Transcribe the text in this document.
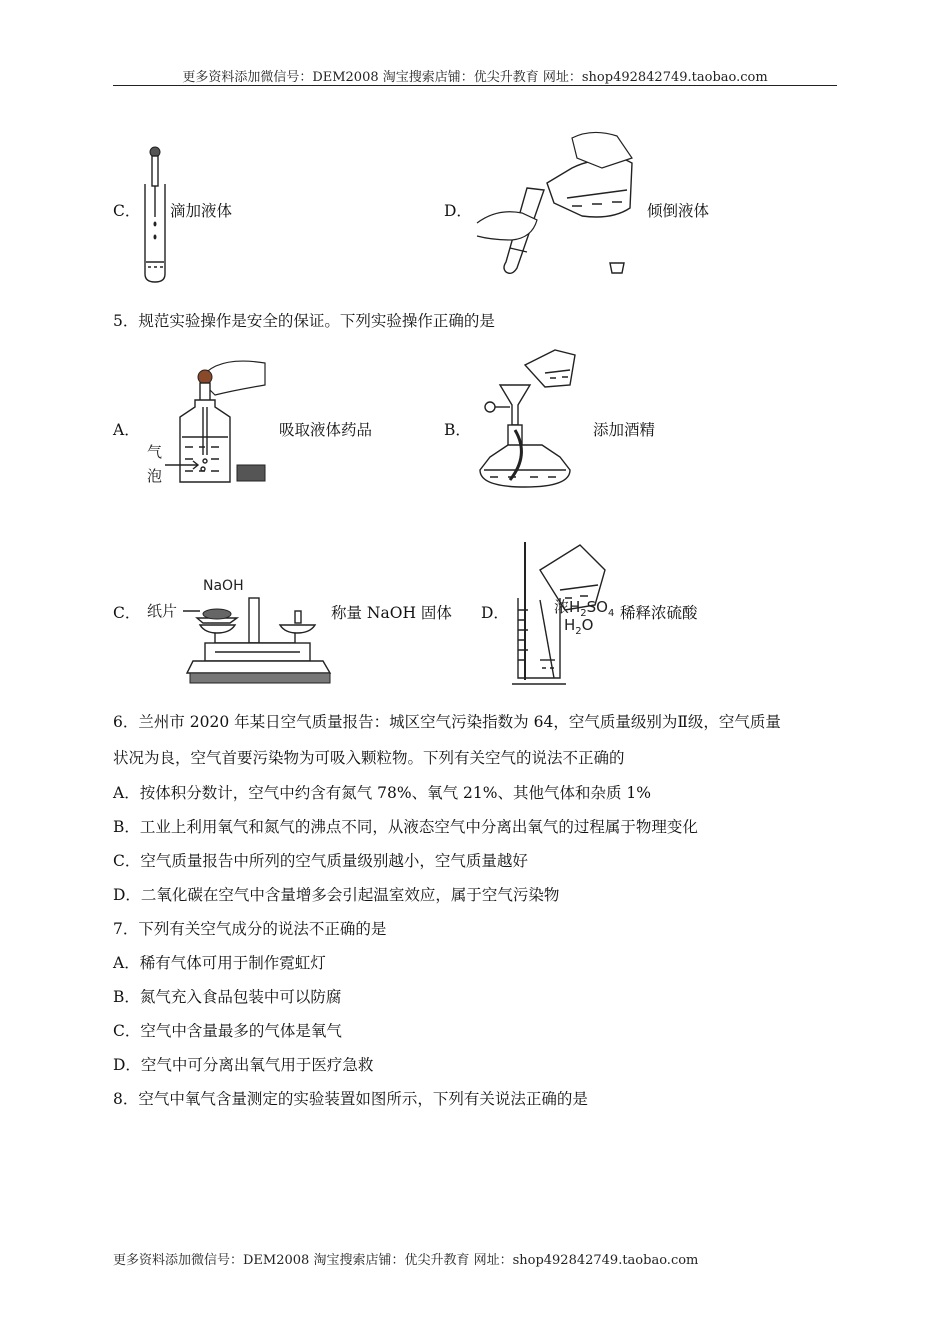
更多资料添加微信号：DEM2008 淘宝搜索店铺：优尖升教育 网址：shop492842749.taobao.com
C． 滴加液体	D．	倾倒液体
5．规范实验操作是安全的保证。下列实验操作正确的是
A．
气
泡
吸取液体药品	B．	添加酒精
C．
NaOH
纸片	称量 NaOH 固体 D．	浓$H_2SO_4$
$H_2O$
稀释浓硫酸
6．兰州市 2020 年某日空气质量报告：城区空气污染指数为 64，空气质量级别为Ⅱ级，空气质量
状况为良，空气首要污染物为可吸入颗粒物。下列有关空气的说法不正确的
A．按体积分数计，空气中约含有氮气 78%、氧气 21%、其他气体和杂质 1%
B．工业上利用氧气和氮气的沸点不同，从液态空气中分离出氧气的过程属于物理变化
C．空气质量报告中所列的空气质量级别越小，空气质量越好
D．二氧化碳在空气中含量增多会引起温室效应，属于空气污染物
7．下列有关空气成分的说法不正确的是
A．稀有气体可用于制作霓虹灯
B．氮气充入食品包装中可以防腐
C．空气中含量最多的气体是氧气
D．空气中可分离出氧气用于医疗急救
8．空气中氧气含量测定的实验装置如图所示，下列有关说法正确的是
更多资料添加微信号：DEM2008 淘宝搜索店铺：优尖升教育 网址：shop492842749.taobao.com
